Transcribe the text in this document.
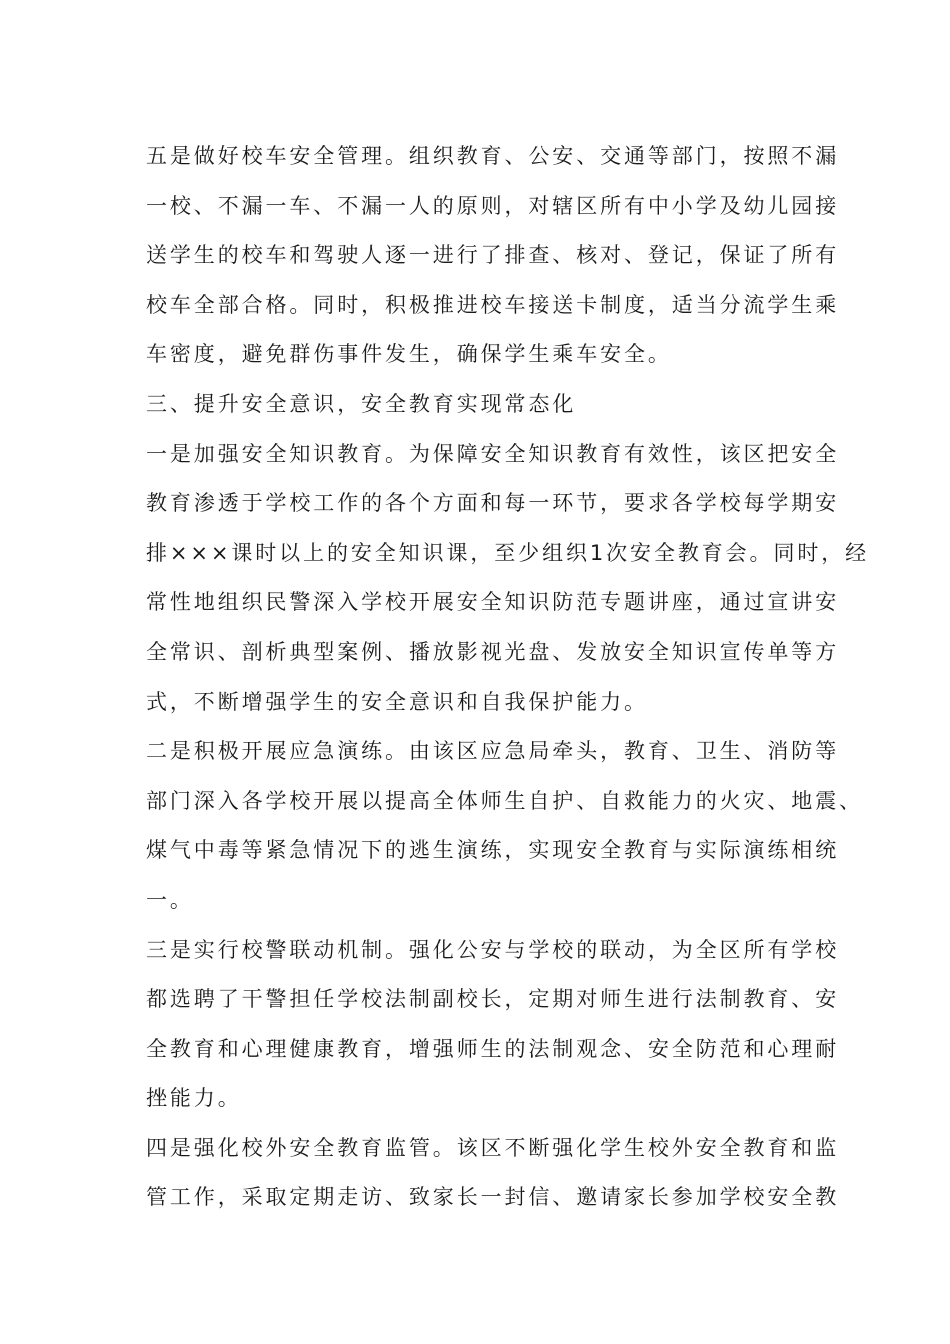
五是做好校车安全管理。组织教育、公安、交通等部门，按照不漏
一校、不漏一车、不漏一人的原则，对辖区所有中小学及幼儿园接
送学生的校车和驾驶人逐一进行了排查、核对、登记，保证了所有
校车全部合格。同时，积极推进校车接送卡制度，适当分流学生乘
车密度，避免群伤事件发生，确保学生乘车安全。
三、提升安全意识，安全教育实现常态化
一是加强安全知识教育。为保障安全知识教育有效性，该区把安全
教育渗透于学校工作的各个方面和每一环节，要求各学校每学期安
排×××课时以上的安全知识课，至少组织1次安全教育会。同时，经
常性地组织民警深入学校开展安全知识防范专题讲座，通过宣讲安
全常识、剖析典型案例、播放影视光盘、发放安全知识宣传单等方
式，不断增强学生的安全意识和自我保护能力。
二是积极开展应急演练。由该区应急局牵头，教育、卫生、消防等
部门深入各学校开展以提高全体师生自护、自救能力的火灾、地震、
煤气中毒等紧急情况下的逃生演练，实现安全教育与实际演练相统
一。
三是实行校警联动机制。强化公安与学校的联动，为全区所有学校
都选聘了干警担任学校法制副校长，定期对师生进行法制教育、安
全教育和心理健康教育，增强师生的法制观念、安全防范和心理耐
挫能力。
四是强化校外安全教育监管。该区不断强化学生校外安全教育和监
管工作，采取定期走访、致家长一封信、邀请家长参加学校安全教
